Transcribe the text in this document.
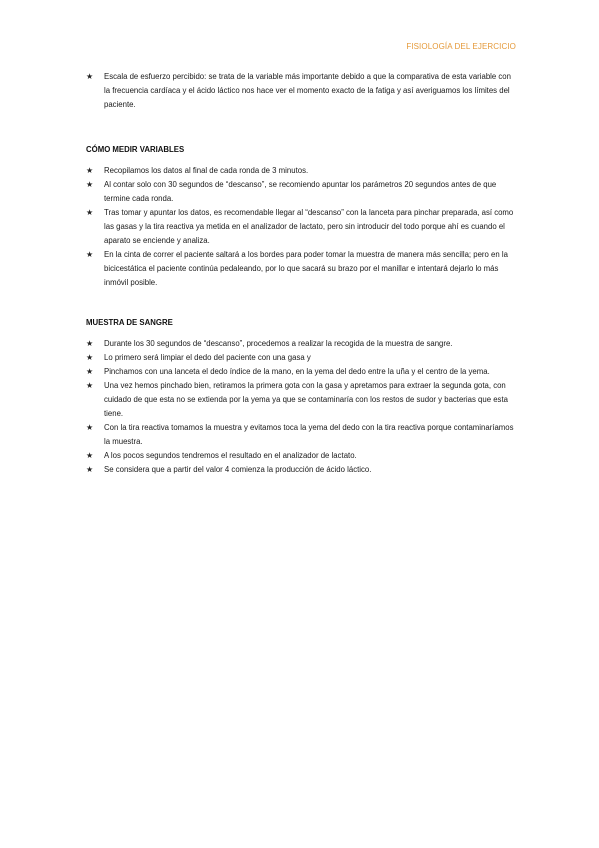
FISIOLOGÍA DEL EJERCICIO
★ Escala de esfuerzo percibido: se trata de la variable más importante debido a que la comparativa de esta variable con la frecuencia cardíaca y el ácido láctico nos hace ver el momento exacto de la fatiga y así averiguamos los límites del paciente.
CÓMO MEDIR VARIABLES
★ Recopilamos los datos al final de cada ronda de 3 minutos.
★ Al contar solo con 30 segundos de “descanso”, se recomiendo apuntar los parámetros 20 segundos antes de que termine cada ronda.
★ Tras tomar y apuntar los datos, es recomendable llegar al “descanso” con la lanceta para pinchar preparada, así como las gasas y la tira reactiva ya metida en el analizador de lactato, pero sin introducir del todo porque ahí es cuando el aparato se enciende y analiza.
★ En la cinta de correr el paciente saltará a los bordes para poder tomar la muestra de manera más sencilla; pero en la bicicestática el paciente continúa pedaleando, por lo que sacará su brazo por el manillar e intentará dejarlo lo más inmóvil posible.
MUESTRA DE SANGRE
★ Durante los 30 segundos de “descanso”, procedemos a realizar la recogida de la muestra de sangre.
★ Lo primero será limpiar el dedo del paciente con una gasa y
★ Pinchamos con una lanceta el dedo índice de la mano, en la yema del dedo entre la uña y el centro de la yema.
★ Una vez hemos pinchado bien, retiramos la primera gota con la gasa y apretamos para extraer la segunda gota, con cuidado de que esta no se extienda por la yema ya que se contaminaría con los restos de sudor y bacterias que esta tiene.
★ Con la tira reactiva tomamos la muestra y evitamos toca la yema del dedo con la tira reactiva porque contaminaríamos la muestra.
★ A los pocos segundos tendremos el resultado en el analizador de lactato.
★ Se considera que a partir del valor 4 comienza la producción de ácido láctico.
